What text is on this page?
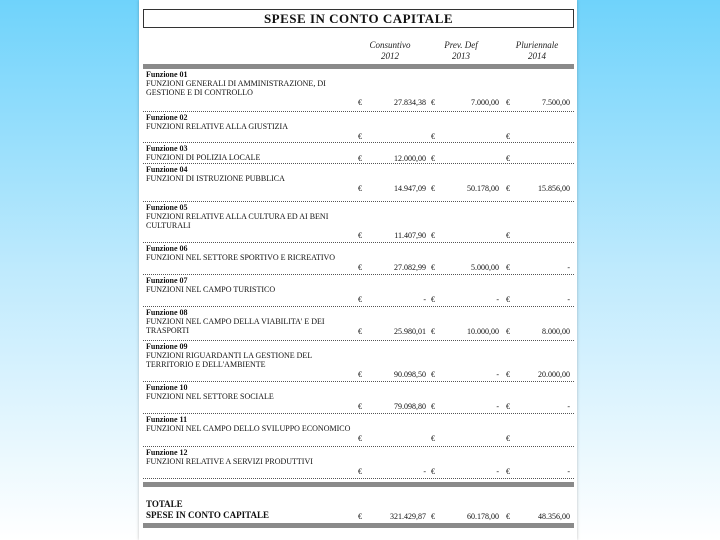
SPESE IN CONTO CAPITALE
Consuntivo
2012
Prev. Def
2013
Pluriennale
2014
Funzione 01
FUNZIONI GENERALI DI AMMINISTRAZIONE, DI GESTIONE E DI CONTROLLO
€	27.834,38 €	7.000,00 €	7.500,00
Funzione 02
FUNZIONI RELATIVE ALLA GIUSTIZIA
€	€	€
Funzione 03
FUNZIONI DI POLIZIA LOCALE	€	12.000,00 €	€
Funzione 04
FUNZIONI DI ISTRUZIONE PUBBLICA
€	14.947,09 €	50.178,00 €	15.856,00
Funzione 05
FUNZIONI RELATIVE ALLA CULTURA ED AI BENI CULTURALI
€	11.407,90 €	€
Funzione 06
FUNZIONI NEL SETTORE SPORTIVO E RICREATIVO
€	27.082,99 €	5.000,00 €	-
Funzione 07
FUNZIONI NEL CAMPO TURISTICO
€	- €	- €	-
Funzione 08
FUNZIONI NEL CAMPO DELLA VIABILITA' E DEI TRASPORTI	€	25.980,01 €	10.000,00 €	8.000,00
Funzione 09
FUNZIONI RIGUARDANTI LA GESTIONE DEL TERRITORIO E DELL'AMBIENTE
€	90.098,50 €	- €	20.000,00
Funzione 10
FUNZIONI NEL SETTORE SOCIALE
€	79.098,80 €	- €	-
Funzione 11
FUNZIONI NEL CAMPO DELLO SVILUPPO ECONOMICO
€	€	€
Funzione 12
FUNZIONI RELATIVE A SERVIZI PRODUTTIVI
€	- €	- €	-
TOTALE
SPESE IN CONTO CAPITALE	€	321.429,87 €	60.178,00 €	48.356,00
